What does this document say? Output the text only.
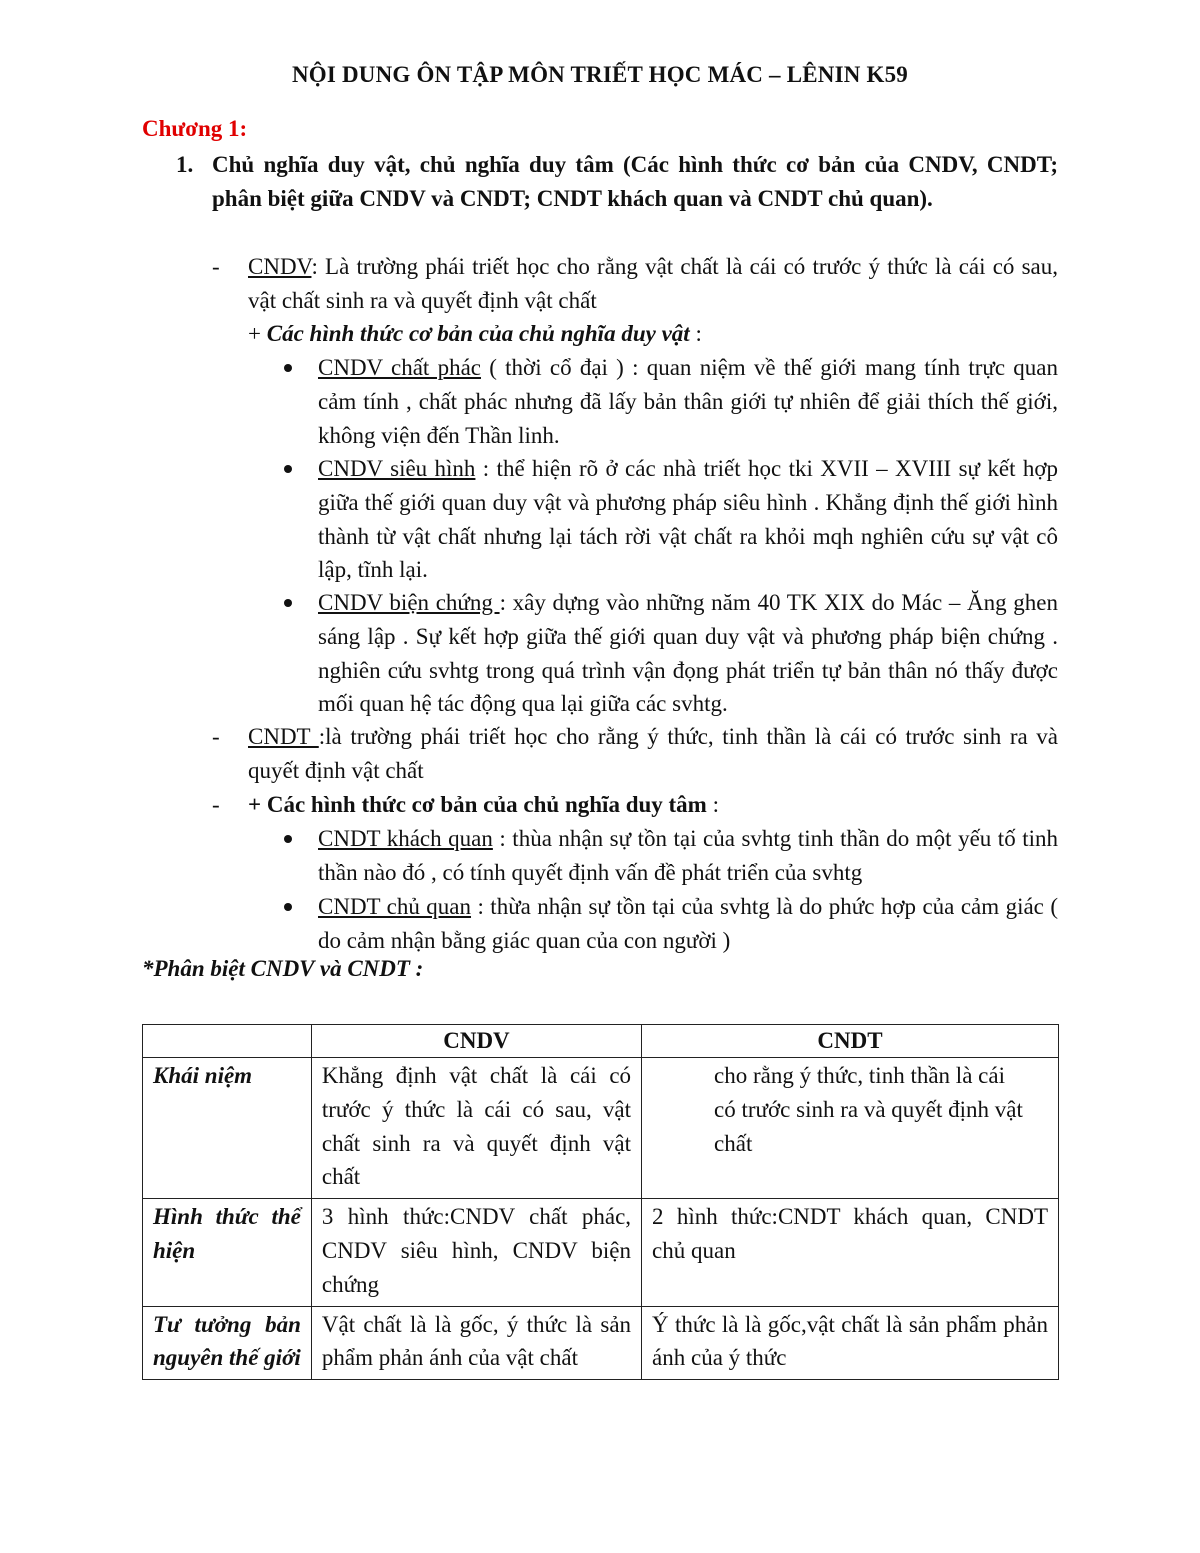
NỘI DUNG ÔN TẬP MÔN TRIẾT HỌC MÁC – LÊNIN K59
Chương 1:
1. Chủ nghĩa duy vật, chủ nghĩa duy tâm (Các hình thức cơ bản của CNDV, CNDT; phân biệt giữa CNDV và CNDT; CNDT khách quan và CNDT chủ quan).
- CNDV: Là trường phái triết học cho rằng vật chất là cái có trước ý thức là cái có sau, vật chất sinh ra và quyết định vật chất
+ Các hình thức cơ bản của chủ nghĩa duy vật :
CNDV chất phác ( thời cổ đại ) : quan niệm về thế giới mang tính trực quan cảm tính , chất phác nhưng đã lấy bản thân giới tự nhiên để giải thích thế giới, không viện đến Thần linh.
CNDV siêu hình : thể hiện rõ ở các nhà triết học tki XVII – XVIII sự kết hợp giữa thế giới quan duy vật và phương pháp siêu hình . Khẳng định thế giới hình thành từ vật chất nhưng lại tách rời vật chất ra khỏi mqh nghiên cứu sự vật cô lập, tĩnh lại.
CNDV biện chứng : xây dựng vào những năm 40 TK XIX do Mác – Ăng ghen sáng lập . Sự kết hợp giữa thế giới quan duy vật và phương pháp biện chứng . nghiên cứu svhtg trong quá trình vận đọng phát triển tự bản thân nó thấy được mối quan hệ tác động qua lại giữa các svhtg.
- CNDT :là trường phái triết học cho rằng ý thức, tinh thần là cái có trước sinh ra và quyết định vật chất
- + Các hình thức cơ bản của chủ nghĩa duy tâm :
CNDT khách quan : thùa nhận sự tồn tại của svhtg tinh thần do một yếu tố tinh thần nào đó , có tính quyết định vấn đề phát triển của svhtg
CNDT chủ quan : thừa nhận sự tồn tại của svhtg là do phức hợp của cảm giác ( do cảm nhận bằng giác quan của con người )
*Phân biệt CNDV và CNDT :
	CNDV	CNDT
Khái niệm	Khẳng định vật chất là cái có trước ý thức là cái có sau, vật chất sinh ra và quyết định vật chất	cho rằng ý thức, tinh thần là cái có trước sinh ra và quyết định vật chất
Hình thức thể hiện	3 hình thức:CNDV chất phác, CNDV siêu hình, CNDV biện chứng	2 hình thức:CNDT khách quan, CNDT chủ quan
Tư tưởng bản nguyên thế giới	Vật chất là là gốc, ý thức là sản phẩm phản ánh của vật chất	Ý thức là là gốc,vật chất là sản phẩm phản ánh của ý thức
